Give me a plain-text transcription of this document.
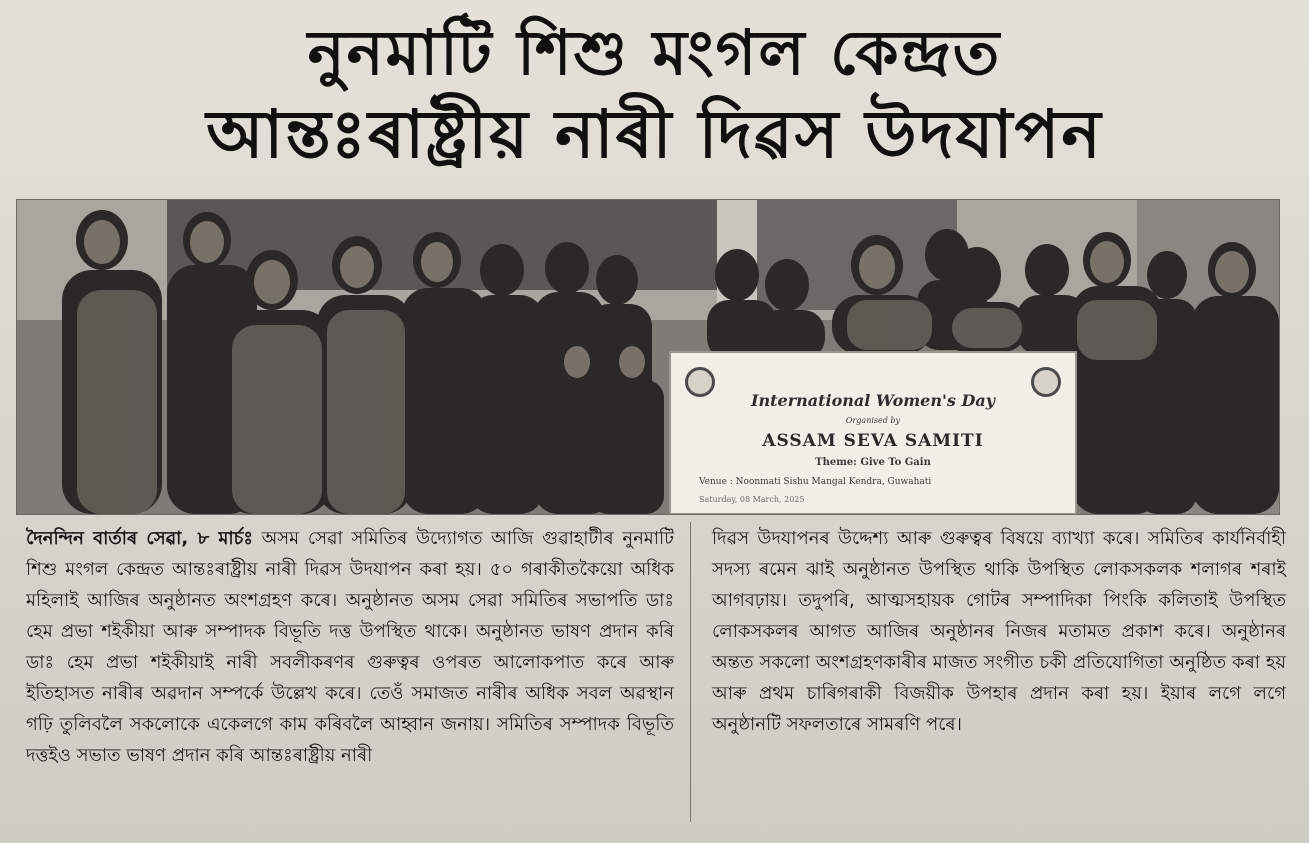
নুনমাটি শিশু মংগল কেন্দ্ৰত
আন্তঃৰাষ্ট্ৰীয় নাৰী দিৱস উদযাপন
International Women's Day
Organised by
ASSAM SEVA SAMITI
Theme: Give To Gain
Venue : Noonmati Sishu Mangal Kendra, Guwahati
Saturday, 08 March, 2025
দৈনন্দিন বাৰ্তাৰ সেৱা, ৮ মাৰ্চঃ অসম সেৱা সমিতিৰ উদ্যোগত আজি গুৱাহাটীৰ নুনমাটি শিশু মংগল কেন্দ্ৰত আন্তঃৰাষ্ট্ৰীয় নাৰী দিৱস উদযাপন কৰা হয়। ৫০ গৰাকীতকৈয়ো অধিক মহিলাই আজিৰ অনুষ্ঠানত অংশগ্ৰহণ কৰে। অনুষ্ঠানত অসম সেৱা সমিতিৰ সভাপতি ডাঃ হেম প্ৰভা শইকীয়া আৰু সম্পাদক বিভূতি দত্ত উপস্থিত থাকে। অনুষ্ঠানত ভাষণ প্ৰদান কৰি ডাঃ হেম প্ৰভা শইকীয়াই নাৰী সবলীকৰণৰ গুৰুত্বৰ ওপৰত আলোকপাত কৰে আৰু ইতিহাসত নাৰীৰ অৱদান সম্পৰ্কে উল্লেখ কৰে। তেওঁ সমাজত নাৰীৰ অধিক সবল অৱস্থান গঢ়ি তুলিবলৈ সকলোকে একেলগে কাম কৰিবলৈ আহ্বান জনায়। সমিতিৰ সম্পাদক বিভূতি দত্তইও সভাত ভাষণ প্ৰদান কৰি আন্তঃৰাষ্ট্ৰীয় নাৰী
দিৱস উদযাপনৰ উদ্দেশ্য আৰু গুৰুত্বৰ বিষয়ে ব্যাখ্যা কৰে। সমিতিৰ কাৰ্যনিৰ্বাহী সদস্য ৰমেন ঝাই অনুষ্ঠানত উপস্থিত থাকি উপস্থিত লোকসকলক শলাগৰ শৰাই আগবঢ়ায়। তদুপৰি, আত্মসহায়ক গোটৰ সম্পাদিকা পিংকি কলিতাই উপস্থিত লোকসকলৰ আগত আজিৰ অনুষ্ঠানৰ নিজৰ মতামত প্ৰকাশ কৰে। অনুষ্ঠানৰ অন্তত সকলো অংশগ্ৰহণকাৰীৰ মাজত সংগীত চকী প্ৰতিযোগিতা অনুষ্ঠিত কৰা হয় আৰু প্ৰথম চাৰিগৰাকী বিজয়ীক উপহাৰ প্ৰদান কৰা হয়। ইয়াৰ লগে লগে অনুষ্ঠানটি সফলতাৰে সামৰণি পৰে।
